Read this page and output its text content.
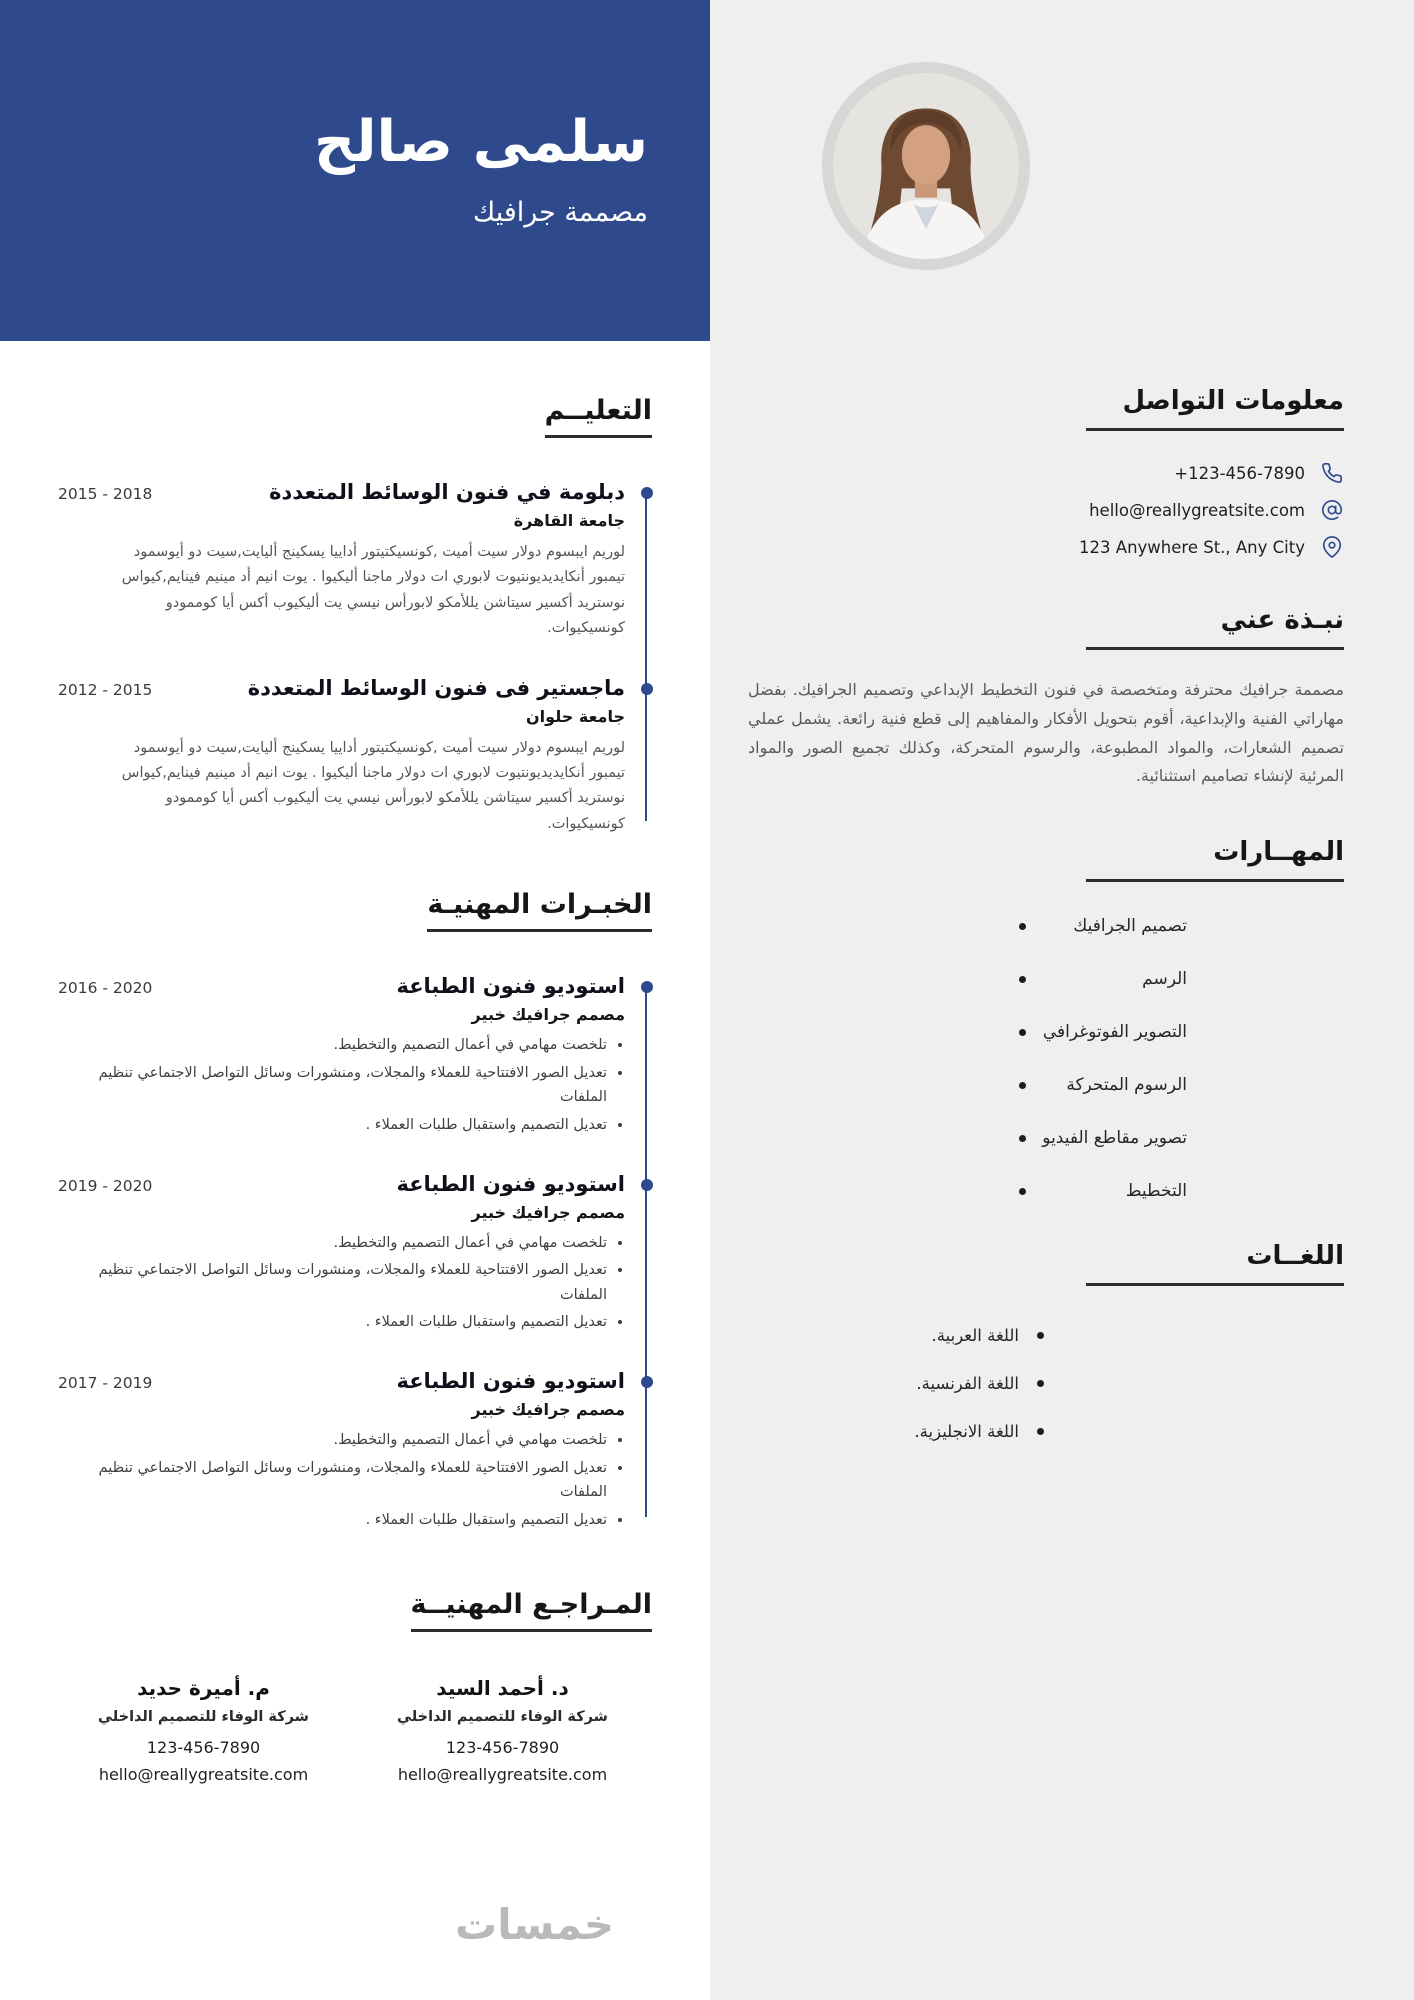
معلومات التواصل
+123-456-7890
hello@reallygreatsite.com
123 Anywhere St., Any City
نبـذة عني

مصممة جرافيك محترفة ومتخصصة في فنون التخطيط الإبداعي وتصميم الجرافيك. بفضل مهاراتي الفنية والإبداعية، أقوم بتحويل الأفكار والمفاهيم إلى قطع فنية رائعة. يشمل عملي تصميم الشعارات، والمواد المطبوعة، والرسوم المتحركة، وكذلك تجميع الصور والمواد المرئية لإنشاء تصاميم استثنائية.

المهــارات
تصميم الجرافيك
الرسم
التصوير الفوتوغرافي
الرسوم المتحركة
تصوير مقاطع الفيديو
التخطيط
اللغــات
اللغة العربية.
اللغة الفرنسية.
اللغة الانجليزية.
سلمى صالح
مصممة جرافيك
التعليــم
2015 - 2018	دبلومة في فنون الوسائط المتعددة
جامعة القاهرة

لوريم ايبسوم دولار سيت أميت ,كونسيكتيتور أداييا يسكينج أليايت,سيت دو أيوسمود تيمبور أنكايديديونتيوت لابوري ات دولار ماجنا أليكيوا . يوت انيم أد مينيم فينايم,كيواس نوستريد أكسير سيتاشن يللأمكو لابورأس نيسي يت أليكيوب أكس أيا كوممودو كونسيكيوات.

2012 - 2015	ماجستير فى فنون الوسائط المتعددة
جامعة حلوان

لوريم ايبسوم دولار سيت أميت ,كونسيكتيتور أداييا يسكينج أليايت,سيت دو أيوسمود تيمبور أنكايديديونتيوت لابوري ات دولار ماجنا أليكيوا . يوت انيم أد مينيم فينايم,كيواس نوستريد أكسير سيتاشن يللأمكو لابورأس نيسي يت أليكيوب أكس أيا كوممودو كونسيكيوات.

الخبـرات المهنيـة
2016 - 2020	استوديو فنون الطباعة
مصمم جرافيك خبير
• تلخصت مهامي في أعمال التصميم والتخطيط.
• تعديل الصور الافتتاحية للعملاء والمجلات، ومنشورات وسائل التواصل الاجتماعي تنظيم الملفات
• تعديل التصميم واستقبال طلبات العملاء .
2019 - 2020	استوديو فنون الطباعة
مصمم جرافيك خبير
• تلخصت مهامي في أعمال التصميم والتخطيط.
• تعديل الصور الافتتاحية للعملاء والمجلات، ومنشورات وسائل التواصل الاجتماعي تنظيم الملفات
• تعديل التصميم واستقبال طلبات العملاء .
2017 - 2019	استوديو فنون الطباعة
مصمم جرافيك خبير
• تلخصت مهامي في أعمال التصميم والتخطيط.
• تعديل الصور الافتتاحية للعملاء والمجلات، ومنشورات وسائل التواصل الاجتماعي تنظيم الملفات
• تعديل التصميم واستقبال طلبات العملاء .
المـراجـع المهنيــة
د. أحمد السيد
شركة الوفاء للتصميم الداخلي
123-456-7890
hello@reallygreatsite.com
م. أميرة حديد
شركة الوفاء للتصميم الداخلي
123-456-7890
hello@reallygreatsite.com
خمسات
